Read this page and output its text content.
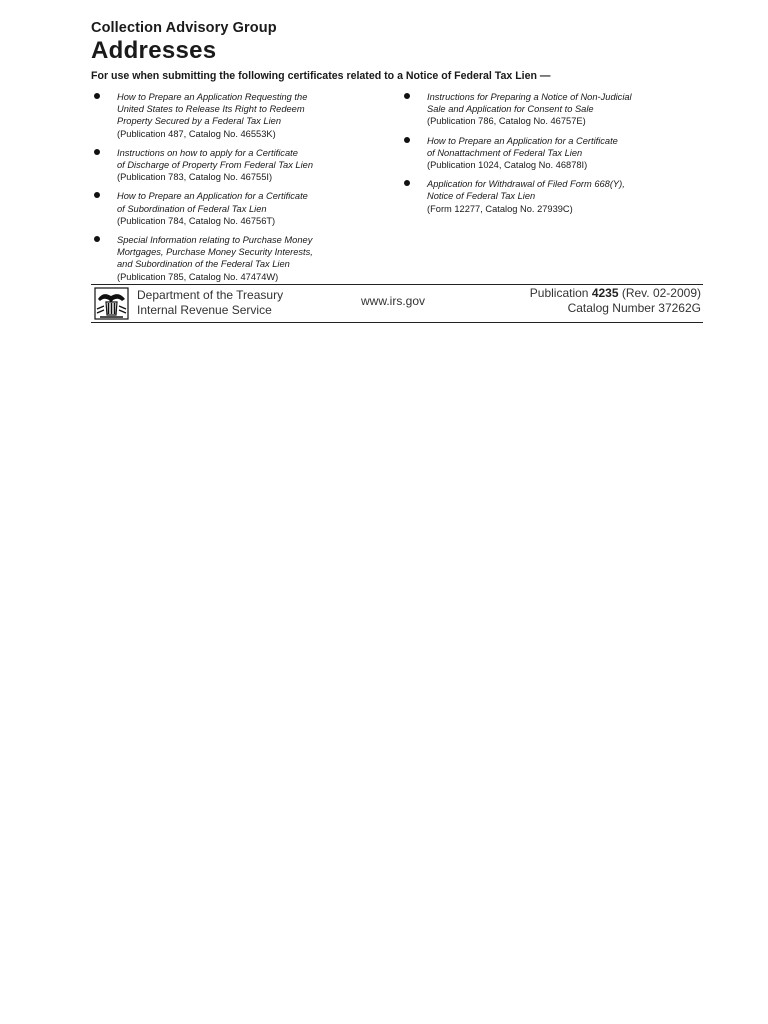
Collection Advisory Group
Addresses
For use when submitting the following certificates related to a Notice of Federal Tax Lien —
How to Prepare an Application Requesting the
United States to Release Its Right to Redeem
Property Secured by a Federal Tax Lien
(Publication 487, Catalog No. 46553K)
Instructions on how to apply for a Certificate
of Discharge of Property From Federal Tax Lien
(Publication 783, Catalog No. 46755I)
How to Prepare an Application for a Certificate
of Subordination of Federal Tax Lien
(Publication 784, Catalog No. 46756T)
Special Information relating to Purchase Money
Mortgages, Purchase Money Security Interests,
and Subordination of the Federal Tax Lien
(Publication 785, Catalog No. 47474W)
Instructions for Preparing a Notice of Non-Judicial
Sale and Application for Consent to Sale
(Publication 786, Catalog No. 46757E)
How to Prepare an Application for a Certificate
of Nonattachment of Federal Tax Lien
(Publication 1024, Catalog No. 46878I)
Application for Withdrawal of Filed Form 668(Y),
Notice of Federal Tax Lien
(Form 12277, Catalog No. 27939C)
Department of the Treasury
Internal Revenue Service
www.irs.gov
Publication 4235 (Rev. 02-2009)
Catalog Number 37262G
